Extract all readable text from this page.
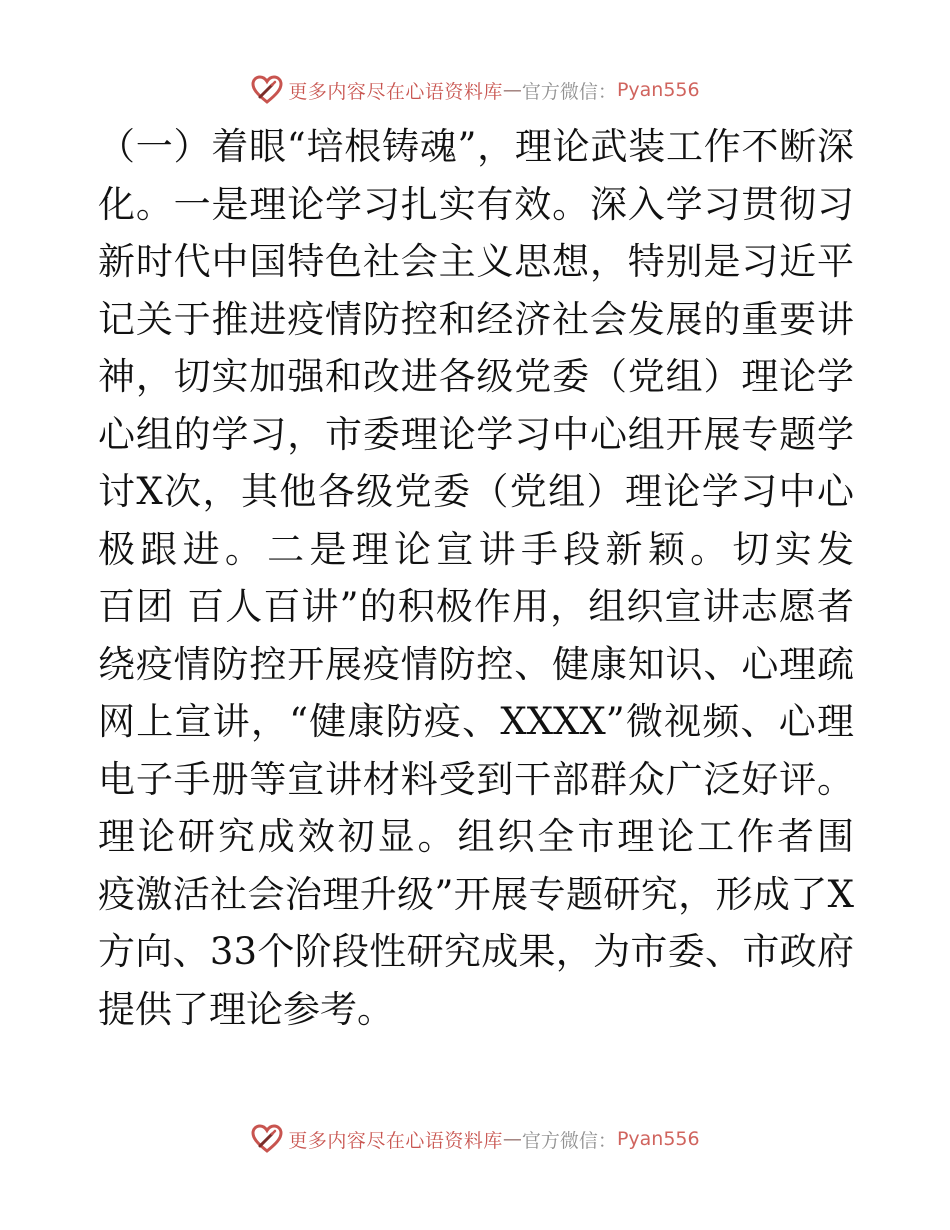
更多内容尽在心语资料库 — 官方微信： Pyan556
（一）着眼“培根铸魂”，理论武装工作不断深
化。一是理论学习扎实有效。深入学习贯彻习
新时代中国特色社会主义思想，特别是习近平
记关于推进疫情防控和经济社会发展的重要讲
神，切实加强和改进各级党委（党组）理论学
心组的学习，市委理论学习中心组开展专题学
讨X次，其他各级党委（党组）理论学习中心
极跟进。二是理论宣讲手段新颖。切实发
百团 百人百讲”的积极作用，组织宣讲志愿者
绕疫情防控开展疫情防控、健康知识、心理疏
网上宣讲，“健康防疫、XXXX”微视频、心理
电子手册等宣讲材料受到干部群众广泛好评。
理论研究成效初显。组织全市理论工作者围
疫激活社会治理升级”开展专题研究，形成了X
方向、33个阶段性研究成果，为市委、市政府
提供了理论参考。
更多内容尽在心语资料库 — 官方微信： Pyan556
